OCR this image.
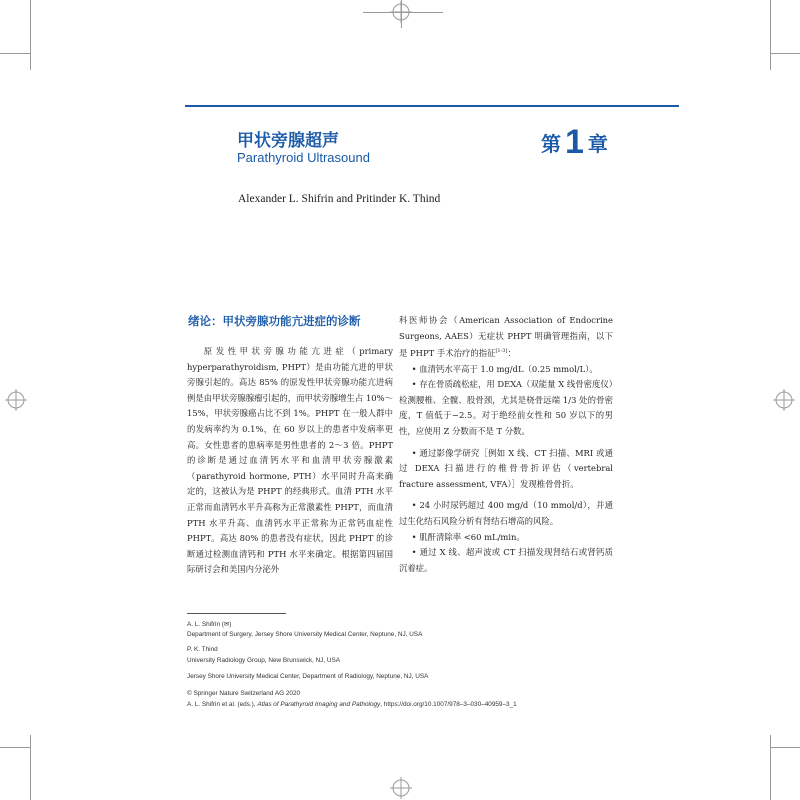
甲状旁腺超声
Parathyroid Ultrasound
第 1 章
Alexander L. Shifrin and Pritinder K. Thind
绪论：甲状旁腺功能亢进症的诊断
原发性甲状旁腺功能亢进症（primary hyperparathyroidism, PHPT）是由功能亢进的甲状旁腺引起的。高达 85% 的原发性甲状旁腺功能亢进病例是由甲状旁腺腺瘤引起的，而甲状旁腺增生占 10%～15%，甲状旁腺癌占比不到 1%。PHPT 在一般人群中的发病率约为 0.1%，在 60 岁以上的患者中发病率更高。女性患者的患病率是男性患者的 2～3 倍。PHPT 的诊断是通过血清钙水平和血清甲状旁腺激素（parathyroid hormone, PTH）水平同时升高来确定的，这被认为是 PHPT 的经典形式。血清 PTH 水平正常而血清钙水平升高称为正常激素性 PHPT，而血清 PTH 水平升高、血清钙水平正常称为正常钙血症性 PHPT。高达 80% 的患者没有症状，因此 PHPT 的诊断通过检测血清钙和 PTH 水平来确定。根据第四届国际研讨会和美国内分泌外

科医师协会（American Association of Endocrine Surgeons, AAES）无症状 PHPT 明确管理指南，以下是 PHPT 手术治疗的指征[1-3]：

• 血清钙水平高于 1.0 mg/dL（0.25 mmol/L）。

• 存在骨质疏松症，用 DEXA（双能量 X 线骨密度仪）检测腰椎、全髋、股骨颈，尤其是桡骨远端 1/3 处的骨密度，T 值低于−2.5。对于绝经前女性和 50 岁以下的男性，应使用 Z 分数而不是 T 分数。

• 通过影像学研究［例如 X 线、CT 扫描、MRI 或通过 DEXA 扫描进行的椎骨骨折评估（vertebral fracture assessment, VFA）］发现椎骨骨折。

• 24 小时尿钙超过 400 mg/d（10 mmol/d），并通过生化结石风险分析有肾结石增高的风险。

• 肌酐清除率 <60 mL/min。

• 通过 X 线、超声波或 CT 扫描发现肾结石或肾钙质沉着症。

A. L. Shifrin (✉)
Department of Surgery, Jersey Shore University Medical Center, Neptune, NJ, USA
P. K. Thind
University Radiology Group, New Brunswick, NJ, USA
Jersey Shore University Medical Center, Department of Radiology, Neptune, NJ, USA
© Springer Nature Switzerland AG 2020
A. L. Shifrin et al. (eds.), Atlas of Parathyroid Imaging and Pathology, https://doi.org/10.1007/978–3–030–40959–3_1
